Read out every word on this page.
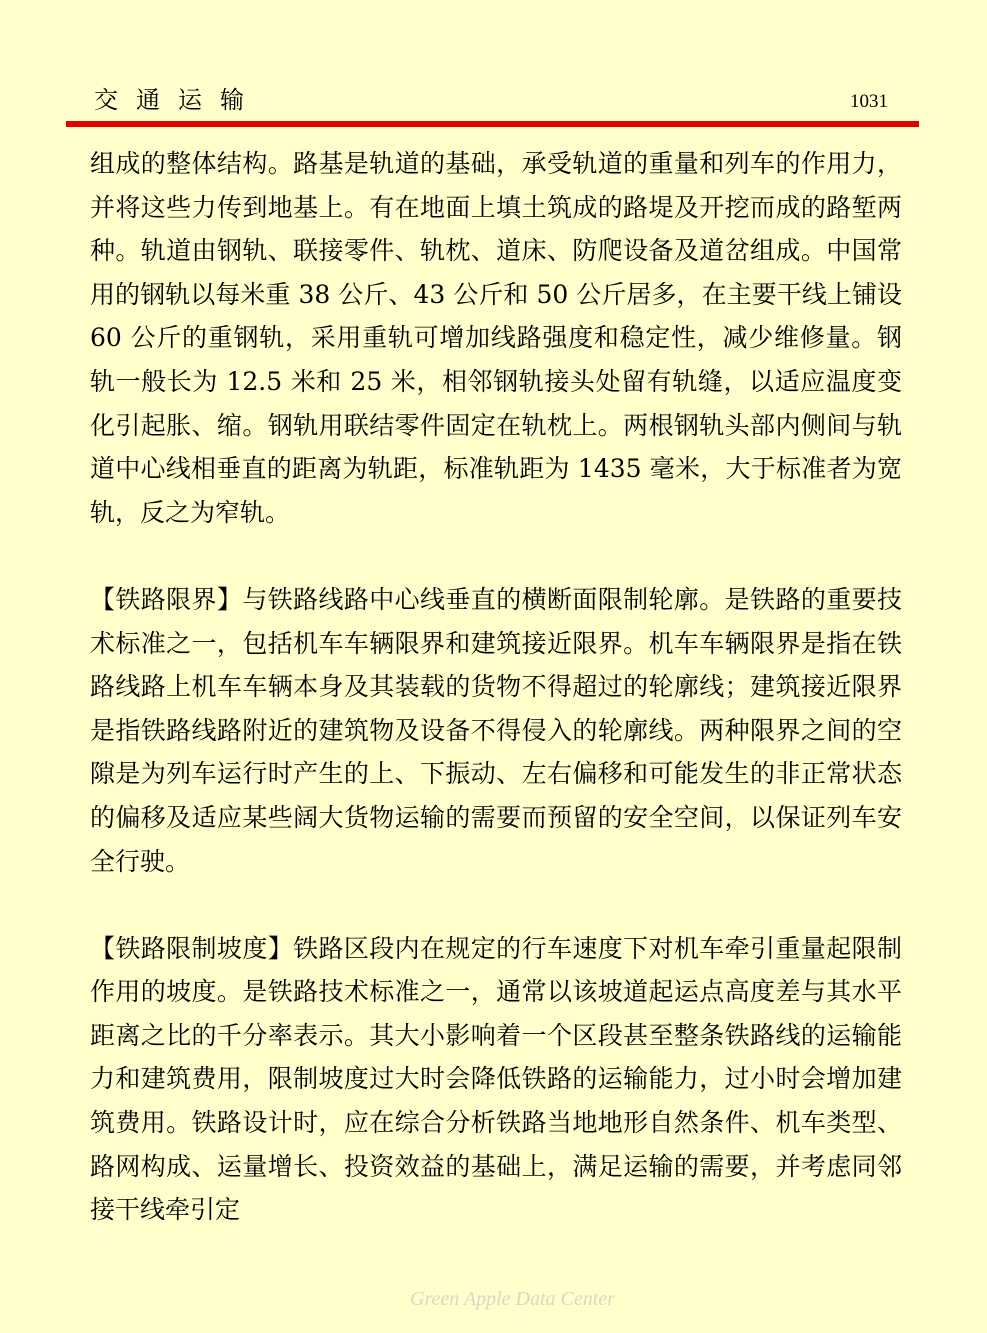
交通运输	1031

组成的整体结构。路基是轨道的基础，承受轨道的重量和列车的作用力，并将这些力传到地基上。有在地面上填土筑成的路堤及开挖而成的路堑两种。轨道由钢轨、联接零件、轨枕、道床、防爬设备及道岔组成。中国常用的钢轨以每米重 38 公斤、43 公斤和 50 公斤居多，在主要干线上铺设 60 公斤的重钢轨，采用重轨可增加线路强度和稳定性，减少维修量。钢轨一般长为 12.5 米和 25 米，相邻钢轨接头处留有轨缝，以适应温度变化引起胀、缩。钢轨用联结零件固定在轨枕上。两根钢轨头部内侧间与轨道中心线相垂直的距离为轨距，标准轨距为 1435 毫米，大于标准者为宽轨，反之为窄轨。

【铁路限界】与铁路线路中心线垂直的横断面限制轮廓。是铁路的重要技术标准之一，包括机车车辆限界和建筑接近限界。机车车辆限界是指在铁路线路上机车车辆本身及其装载的货物不得超过的轮廓线；建筑接近限界是指铁路线路附近的建筑物及设备不得侵入的轮廓线。两种限界之间的空隙是为列车运行时产生的上、下振动、左右偏移和可能发生的非正常状态的偏移及适应某些阔大货物运输的需要而预留的安全空间，以保证列车安全行驶。

【铁路限制坡度】铁路区段内在规定的行车速度下对机车牵引重量起限制作用的坡度。是铁路技术标准之一，通常以该坡道起运点高度差与其水平距离之比的千分率表示。其大小影响着一个区段甚至整条铁路线的运输能力和建筑费用，限制坡度过大时会降低铁路的运输能力，过小时会增加建筑费用。铁路设计时，应在综合分析铁路当地地形自然条件、机车类型、路网构成、运量增长、投资效益的基础上，满足运输的需要，并考虑同邻接干线牵引定

Green Apple Data Center
